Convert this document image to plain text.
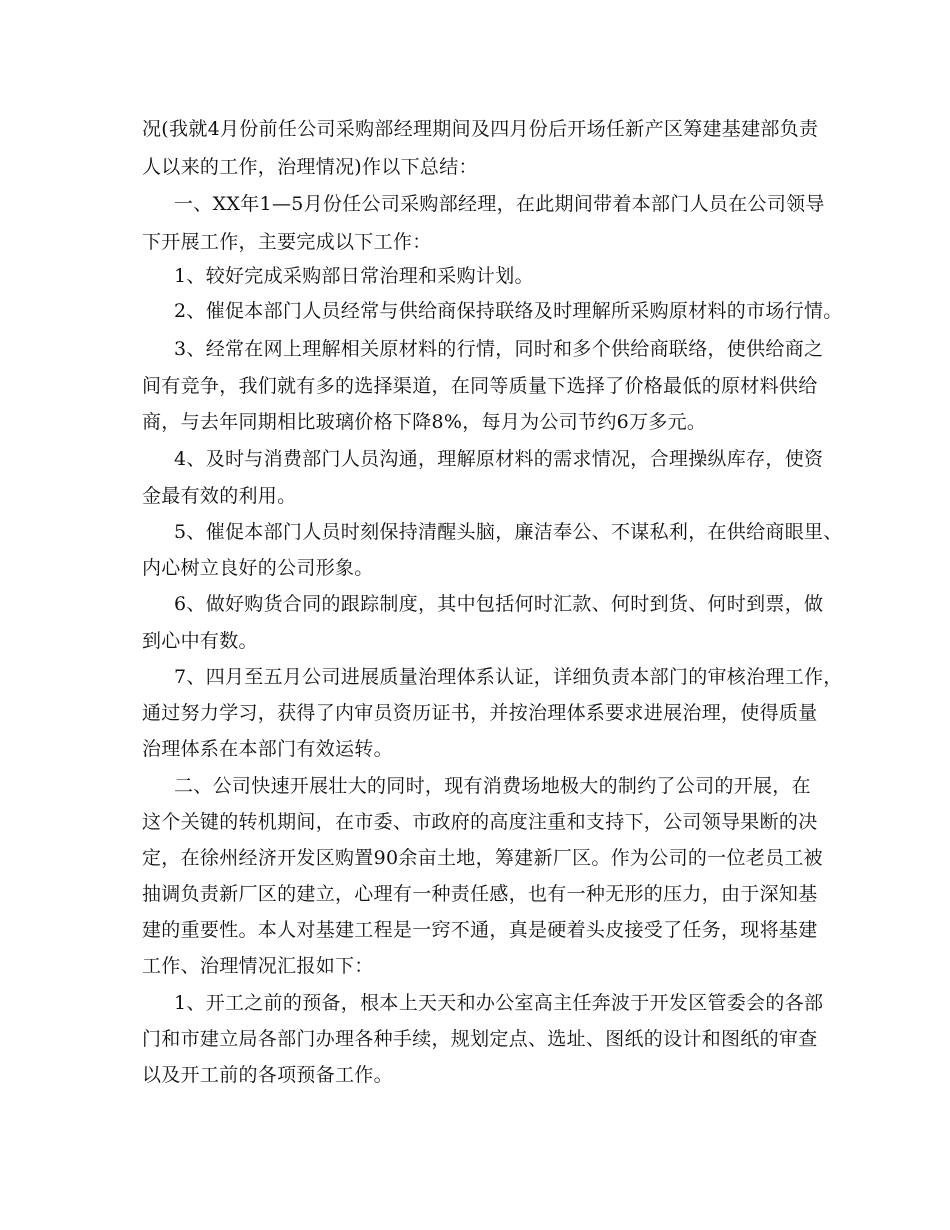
况(我就4月份前任公司采购部经理期间及四月份后开场任新产区筹建基建部负责
人以来的工作，治理情况)作以下总结：
一、XX年1—5月份任公司采购部经理，在此期间带着本部门人员在公司领导
下开展工作，主要完成以下工作：
1、较好完成采购部日常治理和采购计划。
2、催促本部门人员经常与供给商保持联络及时理解所采购原材料的市场行情。
3、经常在网上理解相关原材料的行情，同时和多个供给商联络，使供给商之
间有竞争，我们就有多的选择渠道，在同等质量下选择了价格最低的原材料供给
商，与去年同期相比玻璃价格下降8%，每月为公司节约6万多元。
4、及时与消费部门人员沟通，理解原材料的需求情况，合理操纵库存，使资
金最有效的利用。
5、催促本部门人员时刻保持清醒头脑，廉洁奉公、不谋私利，在供给商眼里、
内心树立良好的公司形象。
6、做好购货合同的跟踪制度，其中包括何时汇款、何时到货、何时到票，做
到心中有数。
7、四月至五月公司进展质量治理体系认证，详细负责本部门的审核治理工作，
通过努力学习，获得了内审员资历证书，并按治理体系要求进展治理，使得质量
治理体系在本部门有效运转。
二、公司快速开展壮大的同时，现有消费场地极大的制约了公司的开展，在
这个关键的转机期间，在市委、市政府的高度注重和支持下，公司领导果断的决
定，在徐州经济开发区购置90余亩土地，筹建新厂区。作为公司的一位老员工被
抽调负责新厂区的建立，心理有一种责任感，也有一种无形的压力，由于深知基
建的重要性。本人对基建工程是一窍不通，真是硬着头皮接受了任务，现将基建
工作、治理情况汇报如下：
1、开工之前的预备，根本上天天和办公室高主任奔波于开发区管委会的各部
门和市建立局各部门办理各种手续，规划定点、选址、图纸的设计和图纸的审查
以及开工前的各项预备工作。
